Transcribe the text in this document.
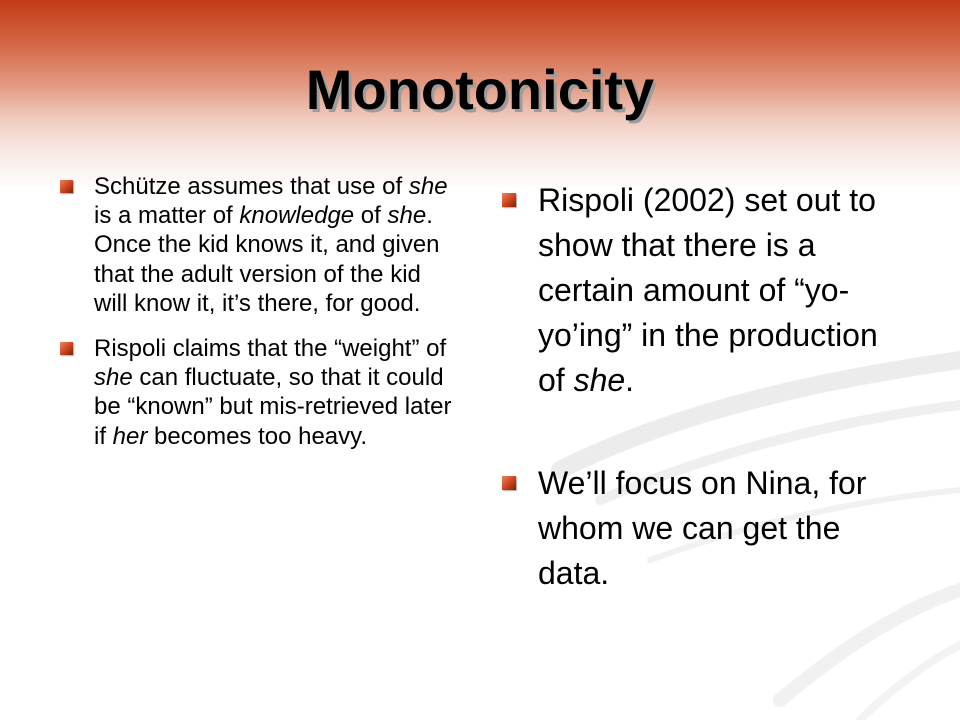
Monotonicity
Schütze assumes that use of she is a matter of knowledge of she. Once the kid knows it, and given that the adult version of the kid will know it, it’s there, for good.
Rispoli claims that the “weight” of she can fluctuate, so that it could be “known” but mis-retrieved later if her becomes too heavy.
Rispoli (2002) set out to show that there is a certain amount of “yo-yo’ing” in the production of she.
We’ll focus on Nina, for whom we can get the data.
